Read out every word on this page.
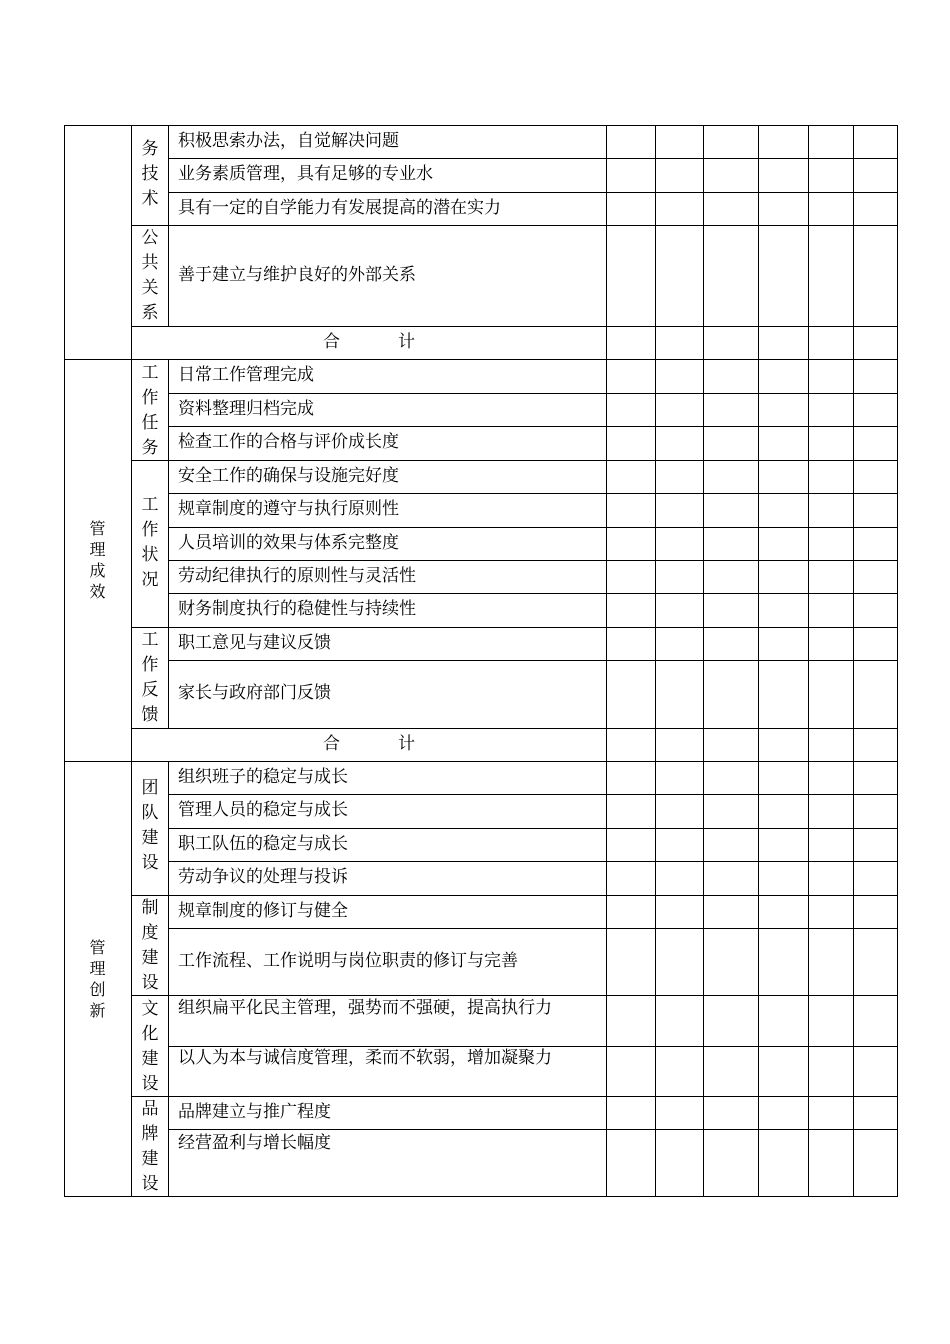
管
理
成
效
管
理
创
新
务
技
术
公
共
关
系
工
作
任
务
工
作
状
况
工
作
反
馈
团
队
建
设
制
度
建
设
文
化
建
设
品
牌
建
设
积极思索办法，自觉解决问题
业务素质管理，具有足够的专业水
具有一定的自学能力有发展提高的潜在实力
善于建立与维护良好的外部关系
合	计
日常工作管理完成
资料整理归档完成
检查工作的合格与评价成长度
安全工作的确保与设施完好度
规章制度的遵守与执行原则性
人员培训的效果与体系完整度
劳动纪律执行的原则性与灵活性
财务制度执行的稳健性与持续性
职工意见与建议反馈
家长与政府部门反馈
合	计
组织班子的稳定与成长
管理人员的稳定与成长
职工队伍的稳定与成长
劳动争议的处理与投诉
规章制度的修订与健全
工作流程、工作说明与岗位职责的修订与完善
组织扁平化民主管理，强势而不强硬，提高执行力
以人为本与诚信度管理，柔而不软弱，增加凝聚力
品牌建立与推广程度
经营盈利与增长幅度
